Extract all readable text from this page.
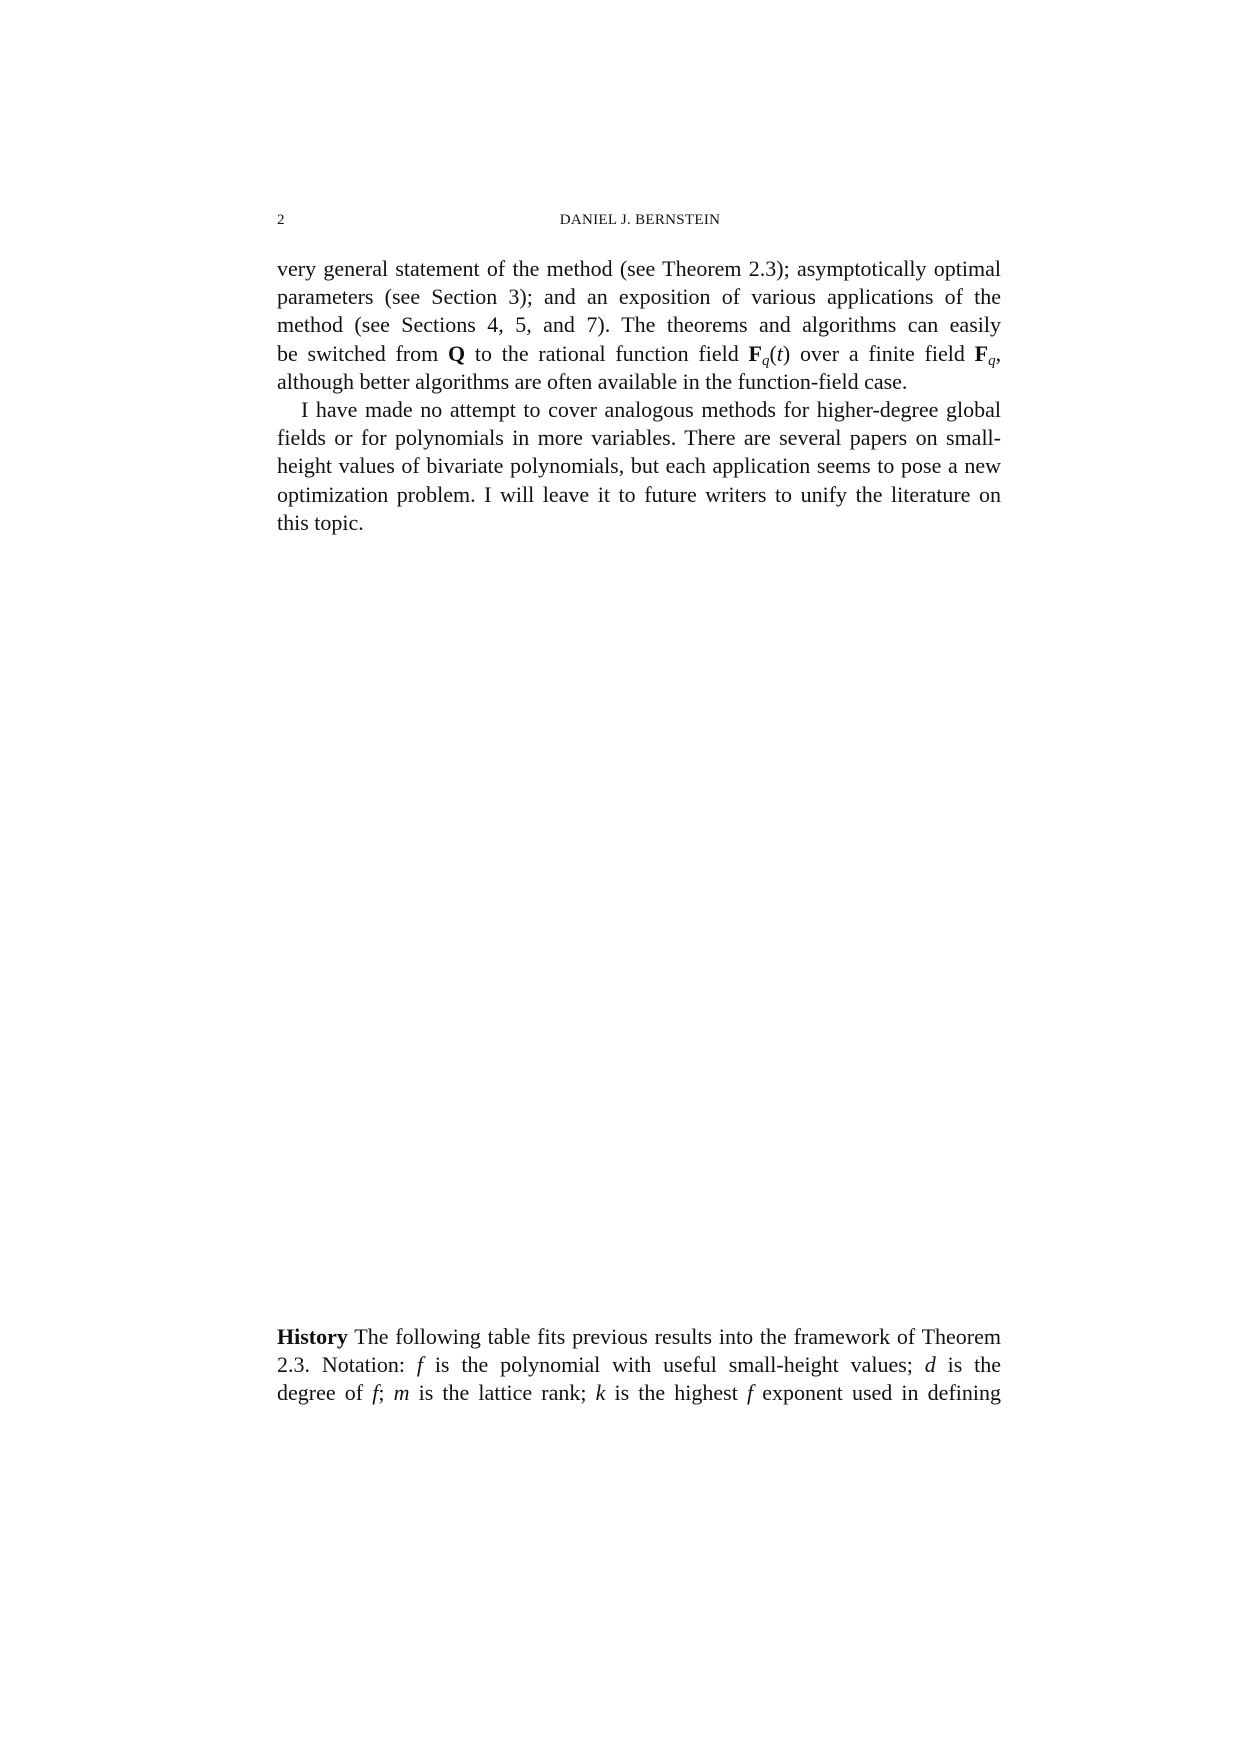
2	DANIEL J. BERNSTEIN
very general statement of the method (see Theorem 2.3); asymptotically optimal
parameters (see Section 3); and an exposition of various applications of the
method (see Sections 4, 5, and 7). The theorems and algorithms can easily
be switched from Q to the rational function field $F_q(t)$ over a finite field $F_q$,
although better algorithms are often available in the function-field case.
I have made no attempt to cover analogous methods for higher-degree global
fields or for polynomials in more variables. There are several papers on small-
height values of bivariate polynomials, but each application seems to pose a new
optimization problem. I will leave it to future writers to unify the literature on
this topic.
History The following table fits previous results into the framework of Theorem
2.3. Notation: f is the polynomial with useful small-height values; d is the
degree of f; m is the lattice rank; k is the highest f exponent used in defining
